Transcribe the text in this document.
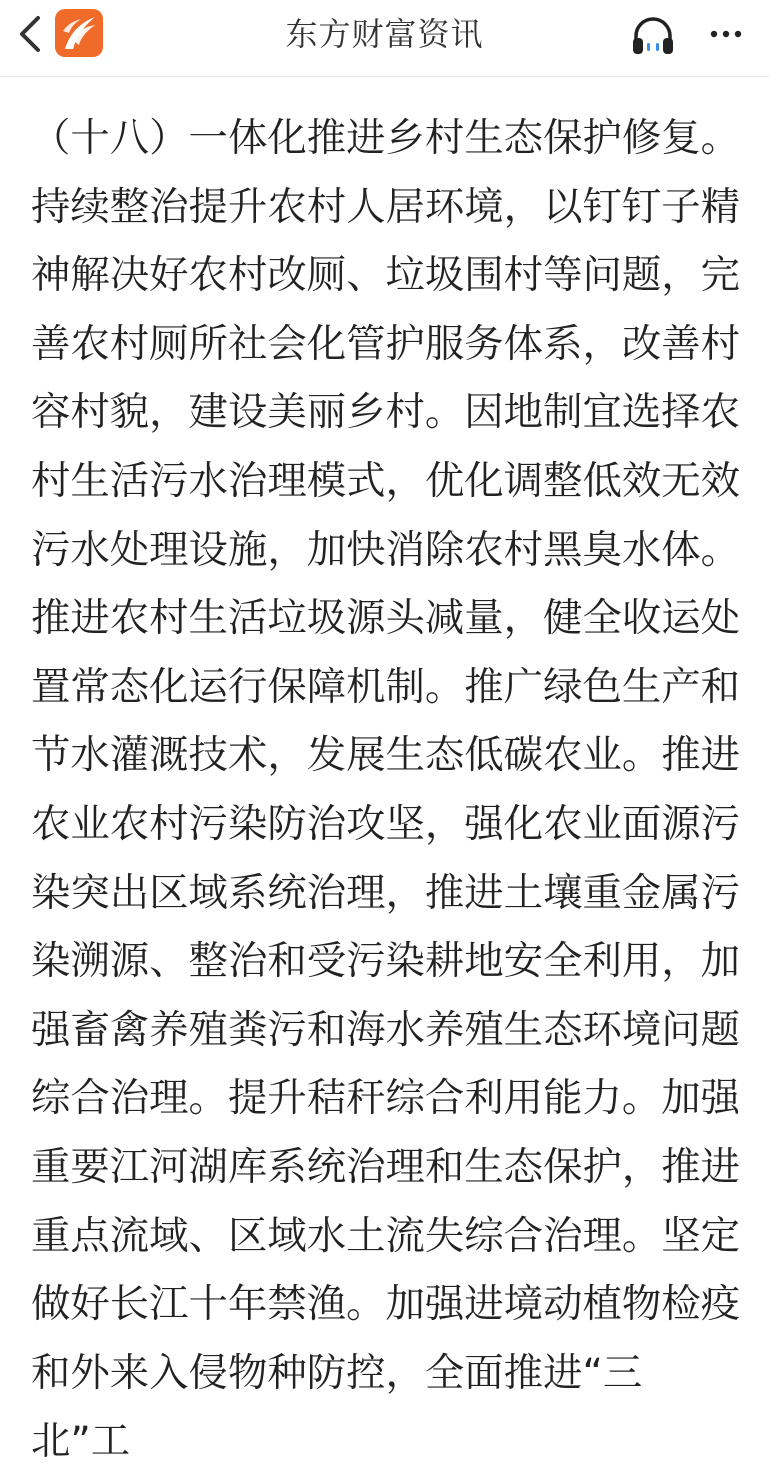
东方财富资讯

（十八）一体化推进乡村生态保护修复。持续整治提升农村人居环境，以钉钉子精神解决好农村改厕、垃圾围村等问题，完善农村厕所社会化管护服务体系，改善村容村貌，建设美丽乡村。因地制宜选择农村生活污水治理模式，优化调整低效无效污水处理设施，加快消除农村黑臭水体。推进农村生活垃圾源头减量，健全收运处置常态化运行保障机制。推广绿色生产和节水灌溉技术，发展生态低碳农业。推进农业农村污染防治攻坚，强化农业面源污染突出区域系统治理，推进土壤重金属污染溯源、整治和受污染耕地安全利用，加强畜禽养殖粪污和海水养殖生态环境问题综合治理。提升秸秆综合利用能力。加强重要江河湖库系统治理和生态保护，推进重点流域、区域水土流失综合治理。坚定做好长江十年禁渔。加强进境动植物检疫和外来入侵物种防控，全面推进“三北”工
